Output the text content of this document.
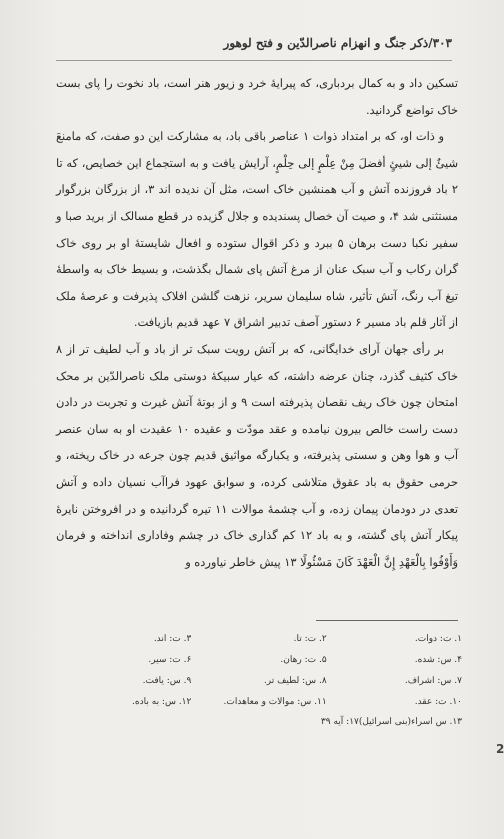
۳۰۳/ذکر جنگ و انهزام ناصرالدّین و فتح لوهور

تسکین داد و به کمال بردباری، که پیرایهٔ خرد و زیور هنر است، باد نخوت را پای بست خاک تواضع گردانید.

و ذات او، که بر امتداد ذوات ۱ عناصر باقی باد، به مشارکت این دو صفت، که مامنعَ شیئٌ إلی شیئٍ أفضلَ مِنْ عِلْمٍ إلی حِلْمٍ، آرایش یافت و به استجماع این خصایص، که تا ۲ باد فروزنده آتش و آب همنشین خاک است، مثل آن ندیده اند ۳، از بزرگان بزرگوار مستثنی شد ۴، و صیت آن خصال پسندیده و جلال گزیده در قطع مسالک از برید صبا و سفیر نکبا دست برهان ۵ ببرد و ذکر اقوال ستوده و افعال شایستهٔ او بر روی خاک گران رکاب و آب سبک عنان از مرغ آتش پای شمال بگذشت، و بسیط خاک به واسطهٔ تیغ آب رنگ، آتش تأثیر، شاه سلیمان سریر، نزهت گلشن افلاک پذیرفت و عرصهٔ ملک از آثار قلم باد مسیر ۶ دستور آصف تدبیر اشراق ۷ عهد قدیم بازیافت.

بر رأی جهان آرای خدایگانی، که بر آتش رویت سبک تر از باد و آب لطیف تر از ۸ خاک کثیف گذرد، چنان عرضه داشته، که عیار سبیکهٔ دوستی ملک ناصرالدّین بر محک امتحان چون خاک ریف نقصان پذیرفته است ۹ و از بوتهٔ آتش غیرت و تجربت در دادن دست راست خالص بیرون نیامده و عقد مودّت و عقیده ۱۰ عقیدت او به سان عنصر آب و هوا وهن و سستی پذیرفته، و یکبارگه مواثیق قدیم چون جرعه در خاک ریخته، و حرمی حقوق به باد عقوق متلاشی کرده، و سوابق عهود فراآب نسیان داده و آتش تعدی در دودمان پیمان زده، و آب چشمهٔ موالات ۱۱ تیره گردانیده و در افروختن نایرهٔ پیکار آتش پای گشته، و به باد ۱۲ کم گذاری خاک در چشم وفاداری انداخته و فرمان وَأَوْفُوا بِالْعَهْدِ إِنَّ الْعَهْدَ كَانَ مَسْئُولًا ۱۳ پیش خاطر نیاورده و

۱. ت: دوات.
۲. ت: تا.
۳. ت: اند.
۴. س: شده.
۵. ت: رهان.
۶. ت: سیر.
۷. س: اشراف.
۸. س: لطیف تر.
۹. س: یافت.
۱۰. ت: عقد.
۱۱. س: موالات و معاهدات.
۱۲. س: به باده.
۱۳. س اسراء(بنی اسرائیل)۱۷: آیه ۳۹
2
